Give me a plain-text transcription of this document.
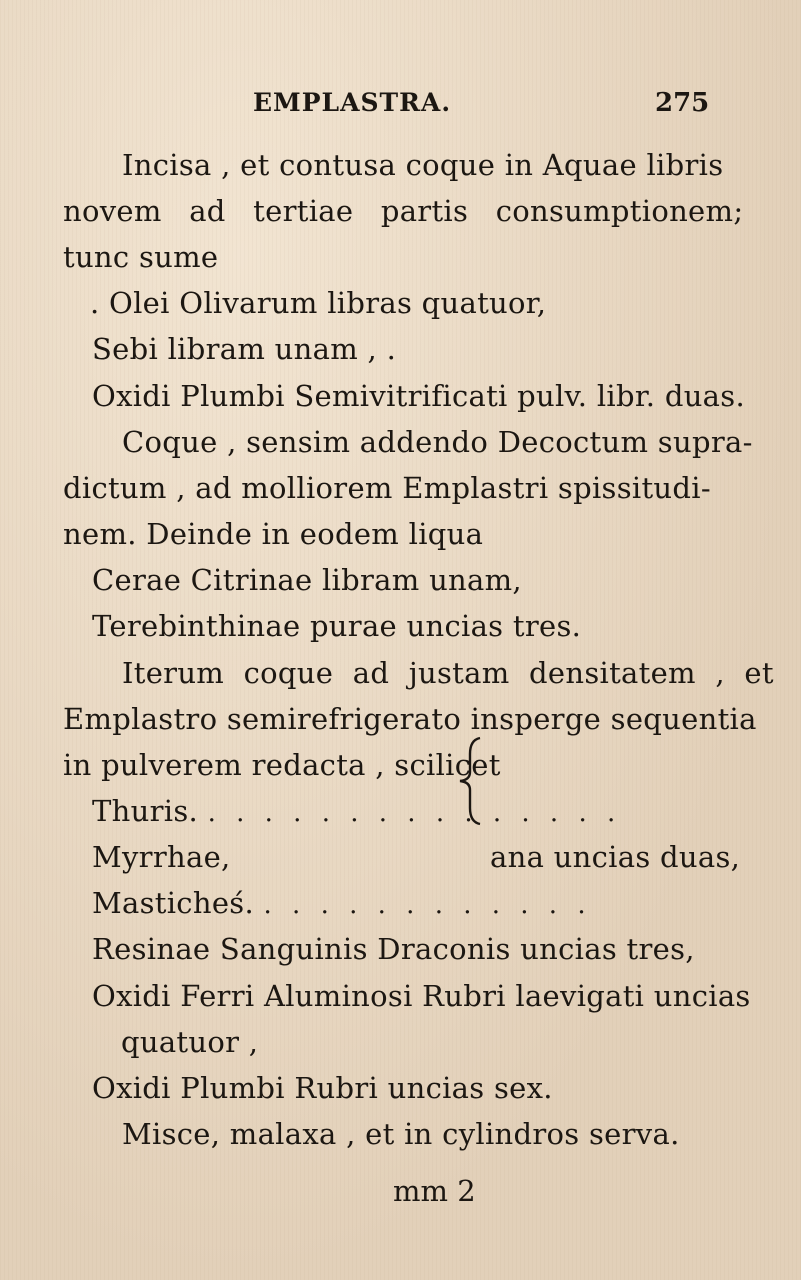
EMPLASTRA.	275
Incisa , et contusa coque in Aquae libris
novem ad tertiae partis consumptionem;
tunc sume
. Olei Olivarum libras quatuor,
Sebi libram unam , .
Oxidi Plumbi Semivitrificati pulv. libr. duas.
Coque , sensim addendo Decoctum supra-
dictum , ad molliorem Emplastri spissitudi-
nem. Deinde in eodem liqua
Cerae Citrinae libram unam,
Terebinthinae purae uncias tres.
Iterum coque ad justam densitatem , et
Emplastro semirefrigerato insperge sequentia
in pulverem redacta , scilicet
Thuris. . . . . . . . . . . . . . . .
Myrrhae,	ana uncias duas,
Masticheś. . . . . . . . . . . . .
Resinae Sanguinis Draconis uncias tres,
Oxidi Ferri Aluminosi Rubri laevigati uncias
quatuor ,
Oxidi Plumbi Rubri uncias sex.
Misce, malaxa , et in cylindros serva.
mm 2
